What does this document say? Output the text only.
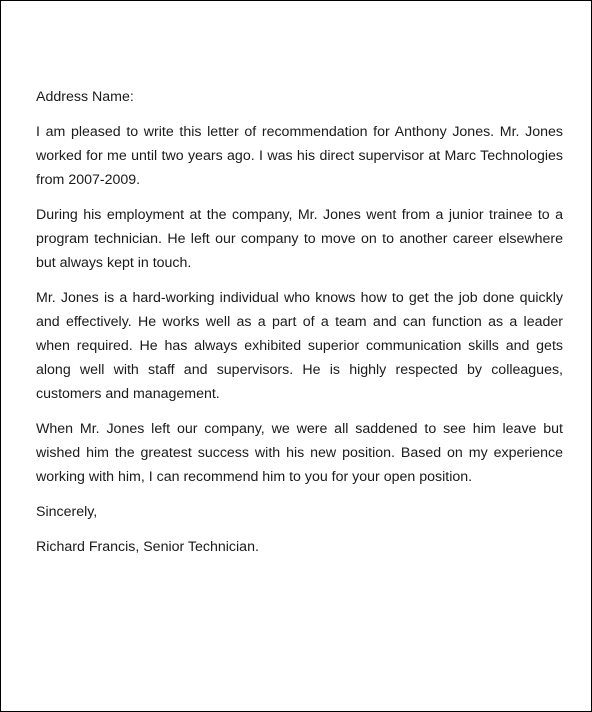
Address Name:

I am pleased to write this letter of recommendation for Anthony Jones. Mr. Jones worked for me until two years ago. I was his direct supervisor at Marc Technologies from 2007-2009.

During his employment at the company, Mr. Jones went from a junior trainee to a program technician. He left our company to move on to another career elsewhere but always kept in touch.

Mr. Jones is a hard-working individual who knows how to get the job done quickly and effectively. He works well as a part of a team and can function as a leader when required. He has always exhibited superior communication skills and gets along well with staff and supervisors. He is highly respected by colleagues, customers and management.

When Mr. Jones left our company, we were all saddened to see him leave but wished him the greatest success with his new position. Based on my experience working with him, I can recommend him to you for your open position.

Sincerely,

Richard Francis, Senior Technician.
